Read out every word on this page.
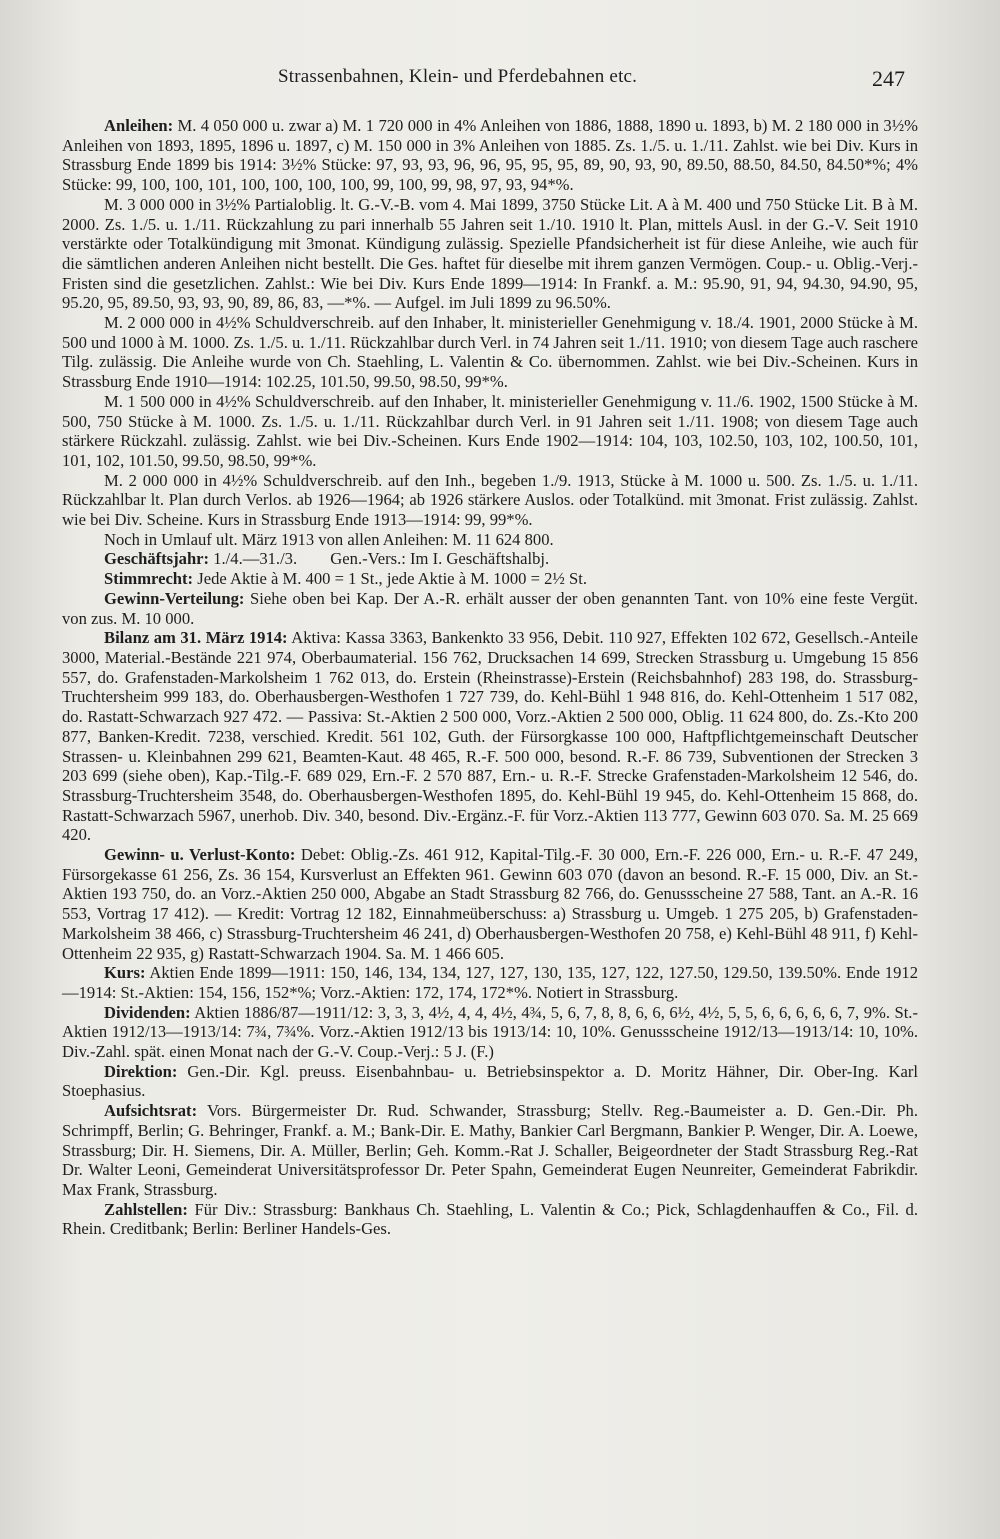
Strassenbahnen, Klein- und Pferdebahnen etc.	247

Anleihen: M. 4 050 000 u. zwar a) M. 1 720 000 in 4% Anleihen von 1886, 1888, 1890 u. 1893, b) M. 2 180 000 in 3½% Anleihen von 1893, 1895, 1896 u. 1897, c) M. 150 000 in 3% Anleihen von 1885. Zs. 1./5. u. 1./11. Zahlst. wie bei Div. Kurs in Strassburg Ende 1899 bis 1914: 3½% Stücke: 97, 93, 93, 96, 96, 95, 95, 95, 89, 90, 93, 90, 89.50, 88.50, 84.50, 84.50*%; 4% Stücke: 99, 100, 100, 101, 100, 100, 100, 100, 99, 100, 99, 98, 97, 93, 94*%.

M. 3 000 000 in 3½% Partialoblig. lt. G.-V.-B. vom 4. Mai 1899, 3750 Stücke Lit. A à M. 400 und 750 Stücke Lit. B à M. 2000. Zs. 1./5. u. 1./11. Rückzahlung zu pari innerhalb 55 Jahren seit 1./10. 1910 lt. Plan, mittels Ausl. in der G.-V. Seit 1910 verstärkte oder Totalkündigung mit 3monat. Kündigung zulässig. Spezielle Pfandsicherheit ist für diese Anleihe, wie auch für die sämtlichen anderen Anleihen nicht bestellt. Die Ges. haftet für dieselbe mit ihrem ganzen Vermögen. Coup.- u. Oblig.-Verj.-Fristen sind die gesetzlichen. Zahlst.: Wie bei Div. Kurs Ende 1899—1914: In Frankf. a. M.: 95.90, 91, 94, 94.30, 94.90, 95, 95.20, 95, 89.50, 93, 93, 90, 89, 86, 83, —*%. — Aufgel. im Juli 1899 zu 96.50%.

M. 2 000 000 in 4½% Schuldverschreib. auf den Inhaber, lt. ministerieller Genehmigung v. 18./4. 1901, 2000 Stücke à M. 500 und 1000 à M. 1000. Zs. 1./5. u. 1./11. Rückzahlbar durch Verl. in 74 Jahren seit 1./11. 1910; von diesem Tage auch raschere Tilg. zulässig. Die Anleihe wurde von Ch. Staehling, L. Valentin & Co. übernommen. Zahlst. wie bei Div.-Scheinen. Kurs in Strassburg Ende 1910—1914: 102.25, 101.50, 99.50, 98.50, 99*%.

M. 1 500 000 in 4½% Schuldverschreib. auf den Inhaber, lt. ministerieller Genehmigung v. 11./6. 1902, 1500 Stücke à M. 500, 750 Stücke à M. 1000. Zs. 1./5. u. 1./11. Rückzahlbar durch Verl. in 91 Jahren seit 1./11. 1908; von diesem Tage auch stärkere Rückzahl. zulässig. Zahlst. wie bei Div.-Scheinen. Kurs Ende 1902—1914: 104, 103, 102.50, 103, 102, 100.50, 101, 101, 102, 101.50, 99.50, 98.50, 99*%.

M. 2 000 000 in 4½% Schuldverschreib. auf den Inh., begeben 1./9. 1913, Stücke à M. 1000 u. 500. Zs. 1./5. u. 1./11. Rückzahlbar lt. Plan durch Verlos. ab 1926—1964; ab 1926 stärkere Auslos. oder Totalkünd. mit 3monat. Frist zulässig. Zahlst. wie bei Div. Scheine. Kurs in Strassburg Ende 1913—1914: 99, 99*%.

Noch in Umlauf ult. März 1913 von allen Anleihen: M. 11 624 800.

Geschäftsjahr: 1./4.—31./3.        Gen.-Vers.: Im I. Geschäftshalbj.

Stimmrecht: Jede Aktie à M. 400 = 1 St., jede Aktie à M. 1000 = 2½ St.

Gewinn-Verteilung: Siehe oben bei Kap. Der A.-R. erhält ausser der oben genannten Tant. von 10% eine feste Vergüt. von zus. M. 10 000.

Bilanz am 31. März 1914: Aktiva: Kassa 3363, Bankenkto 33 956, Debit. 110 927, Effekten 102 672, Gesellsch.-Anteile 3000, Material.-Bestände 221 974, Oberbaumaterial. 156 762, Drucksachen 14 699, Strecken Strassburg u. Umgebung 15 856 557, do. Grafenstaden-Markolsheim 1 762 013, do. Erstein (Rheinstrasse)-Erstein (Reichsbahnhof) 283 198, do. Strassburg-Truchtersheim 999 183, do. Oberhausbergen-Westhofen 1 727 739, do. Kehl-Bühl 1 948 816, do. Kehl-Ottenheim 1 517 082, do. Rastatt-Schwarzach 927 472. — Passiva: St.-Aktien 2 500 000, Vorz.-Aktien 2 500 000, Oblig. 11 624 800, do. Zs.-Kto 200 877, Banken-Kredit. 7238, verschied. Kredit. 561 102, Guth. der Fürsorgkasse 100 000, Haftpflichtgemeinschaft Deutscher Strassen- u. Kleinbahnen 299 621, Beamten-Kaut. 48 465, R.-F. 500 000, besond. R.-F. 86 739, Subventionen der Strecken 3 203 699 (siehe oben), Kap.-Tilg.-F. 689 029, Ern.-F. 2 570 887, Ern.- u. R.-F. Strecke Grafenstaden-Markolsheim 12 546, do. Strassburg-Truchtersheim 3548, do. Oberhausbergen-Westhofen 1895, do. Kehl-Bühl 19 945, do. Kehl-Ottenheim 15 868, do. Rastatt-Schwarzach 5967, unerhob. Div. 340, besond. Div.-Ergänz.-F. für Vorz.-Aktien 113 777, Gewinn 603 070. Sa. M. 25 669 420.

Gewinn- u. Verlust-Konto: Debet: Oblig.-Zs. 461 912, Kapital-Tilg.-F. 30 000, Ern.-F. 226 000, Ern.- u. R.-F. 47 249, Fürsorgekasse 61 256, Zs. 36 154, Kursverlust an Effekten 961. Gewinn 603 070 (davon an besond. R.-F. 15 000, Div. an St.-Aktien 193 750, do. an Vorz.-Aktien 250 000, Abgabe an Stadt Strassburg 82 766, do. Genussscheine 27 588, Tant. an A.-R. 16 553, Vortrag 17 412). — Kredit: Vortrag 12 182, Einnahmeüberschuss: a) Strassburg u. Umgeb. 1 275 205, b) Grafenstaden-Markolsheim 38 466, c) Strassburg-Truchtersheim 46 241, d) Oberhausbergen-Westhofen 20 758, e) Kehl-Bühl 48 911, f) Kehl-Ottenheim 22 935, g) Rastatt-Schwarzach 1904. Sa. M. 1 466 605.

Kurs: Aktien Ende 1899—1911: 150, 146, 134, 134, 127, 127, 130, 135, 127, 122, 127.50, 129.50, 139.50%. Ende 1912—1914: St.-Aktien: 154, 156, 152*%; Vorz.-Aktien: 172, 174, 172*%. Notiert in Strassburg.

Dividenden: Aktien 1886/87—1911/12: 3, 3, 3, 4½, 4, 4, 4½, 4¾, 5, 6, 7, 8, 8, 6, 6, 6½, 4½, 5, 5, 6, 6, 6, 6, 6, 7, 9%. St.-Aktien 1912/13—1913/14: 7¾, 7¾%. Vorz.-Aktien 1912/13 bis 1913/14: 10, 10%. Genussscheine 1912/13—1913/14: 10, 10%. Div.-Zahl. spät. einen Monat nach der G.-V. Coup.-Verj.: 5 J. (F.)

Direktion: Gen.-Dir. Kgl. preuss. Eisenbahnbau- u. Betriebsinspektor a. D. Moritz Hähner, Dir. Ober-Ing. Karl Stoephasius.

Aufsichtsrat: Vors. Bürgermeister Dr. Rud. Schwander, Strassburg; Stellv. Reg.-Baumeister a. D. Gen.-Dir. Ph. Schrimpff, Berlin; G. Behringer, Frankf. a. M.; Bank-Dir. E. Mathy, Bankier Carl Bergmann, Bankier P. Wenger, Dir. A. Loewe, Strassburg; Dir. H. Siemens, Dir. A. Müller, Berlin; Geh. Komm.-Rat J. Schaller, Beigeordneter der Stadt Strassburg Reg.-Rat Dr. Walter Leoni, Gemeinderat Universitätsprofessor Dr. Peter Spahn, Gemeinderat Eugen Neunreiter, Gemeinderat Fabrikdir. Max Frank, Strassburg.

Zahlstellen: Für Div.: Strassburg: Bankhaus Ch. Staehling, L. Valentin & Co.; Pick, Schlagdenhauffen & Co., Fil. d. Rhein. Creditbank; Berlin: Berliner Handels-Ges.
